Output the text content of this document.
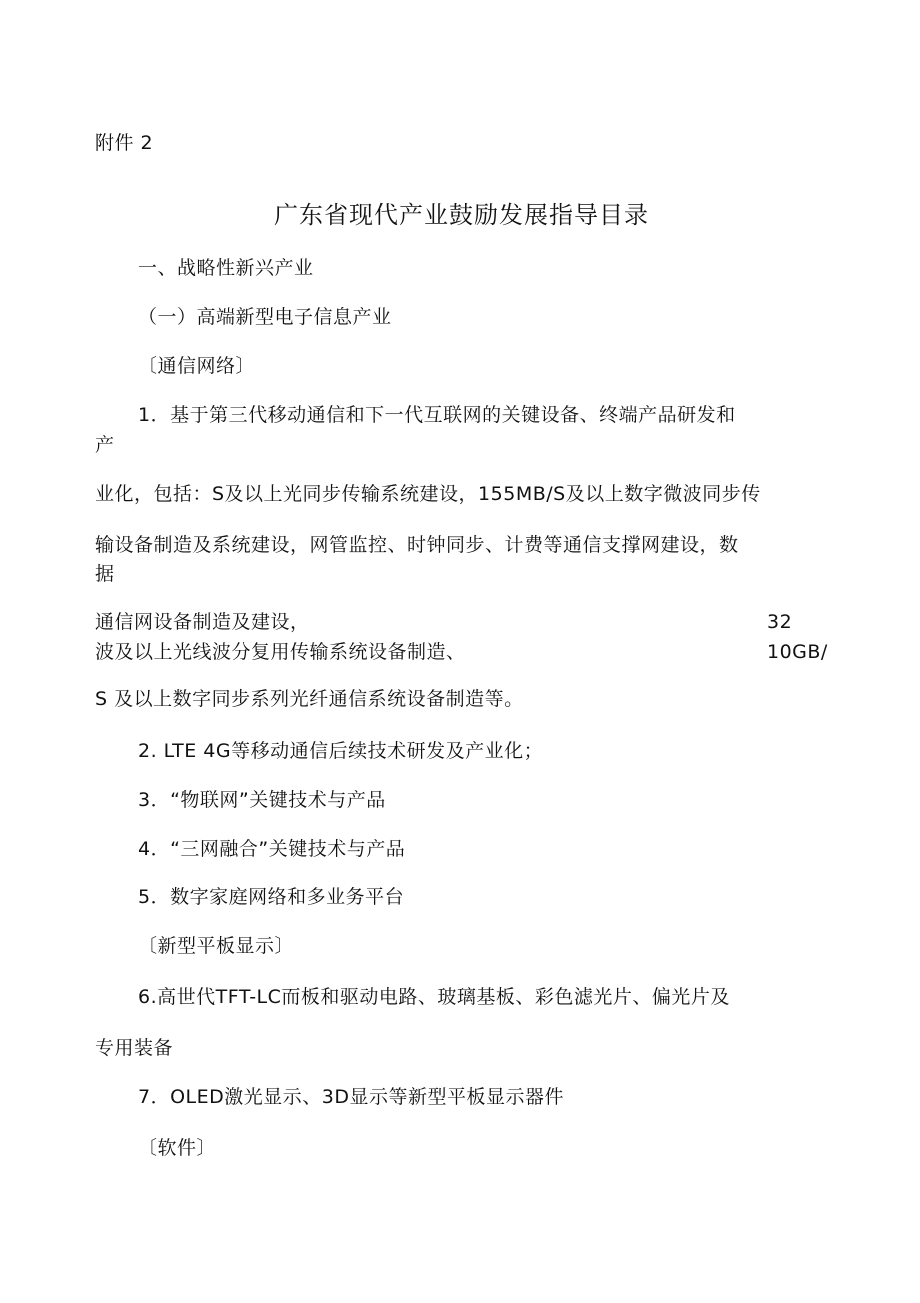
附件 2
广东省现代产业鼓励发展指导目录
一、战略性新兴产业
（一）高端新型电子信息产业
〔通信网络〕
1．基于第三代移动通信和下一代互联网的关键设备、终端产品研发和
产
业化，包括：S及以上光同步传输系统建设，155MB/S及以上数字微波同步传
输设备制造及系统建设，网管监控、时钟同步、计费等通信支撑网建设，数
据
通信网设备制造及建设，	32
波及以上光线波分复用传输系统设备制造、	10GB/
S 及以上数字同步系列光纤通信系统设备制造等。
2. LTE 4G等移动通信后续技术研发及产业化；
3．“物联网”关键技术与产品
4．“三网融合”关键技术与产品
5．数字家庭网络和多业务平台
〔新型平板显示〕
6.高世代TFT-LC而板和驱动电路、玻璃基板、彩色滤光片、偏光片及
专用装备
7．OLED激光显示、3D显示等新型平板显示器件
〔软件〕
